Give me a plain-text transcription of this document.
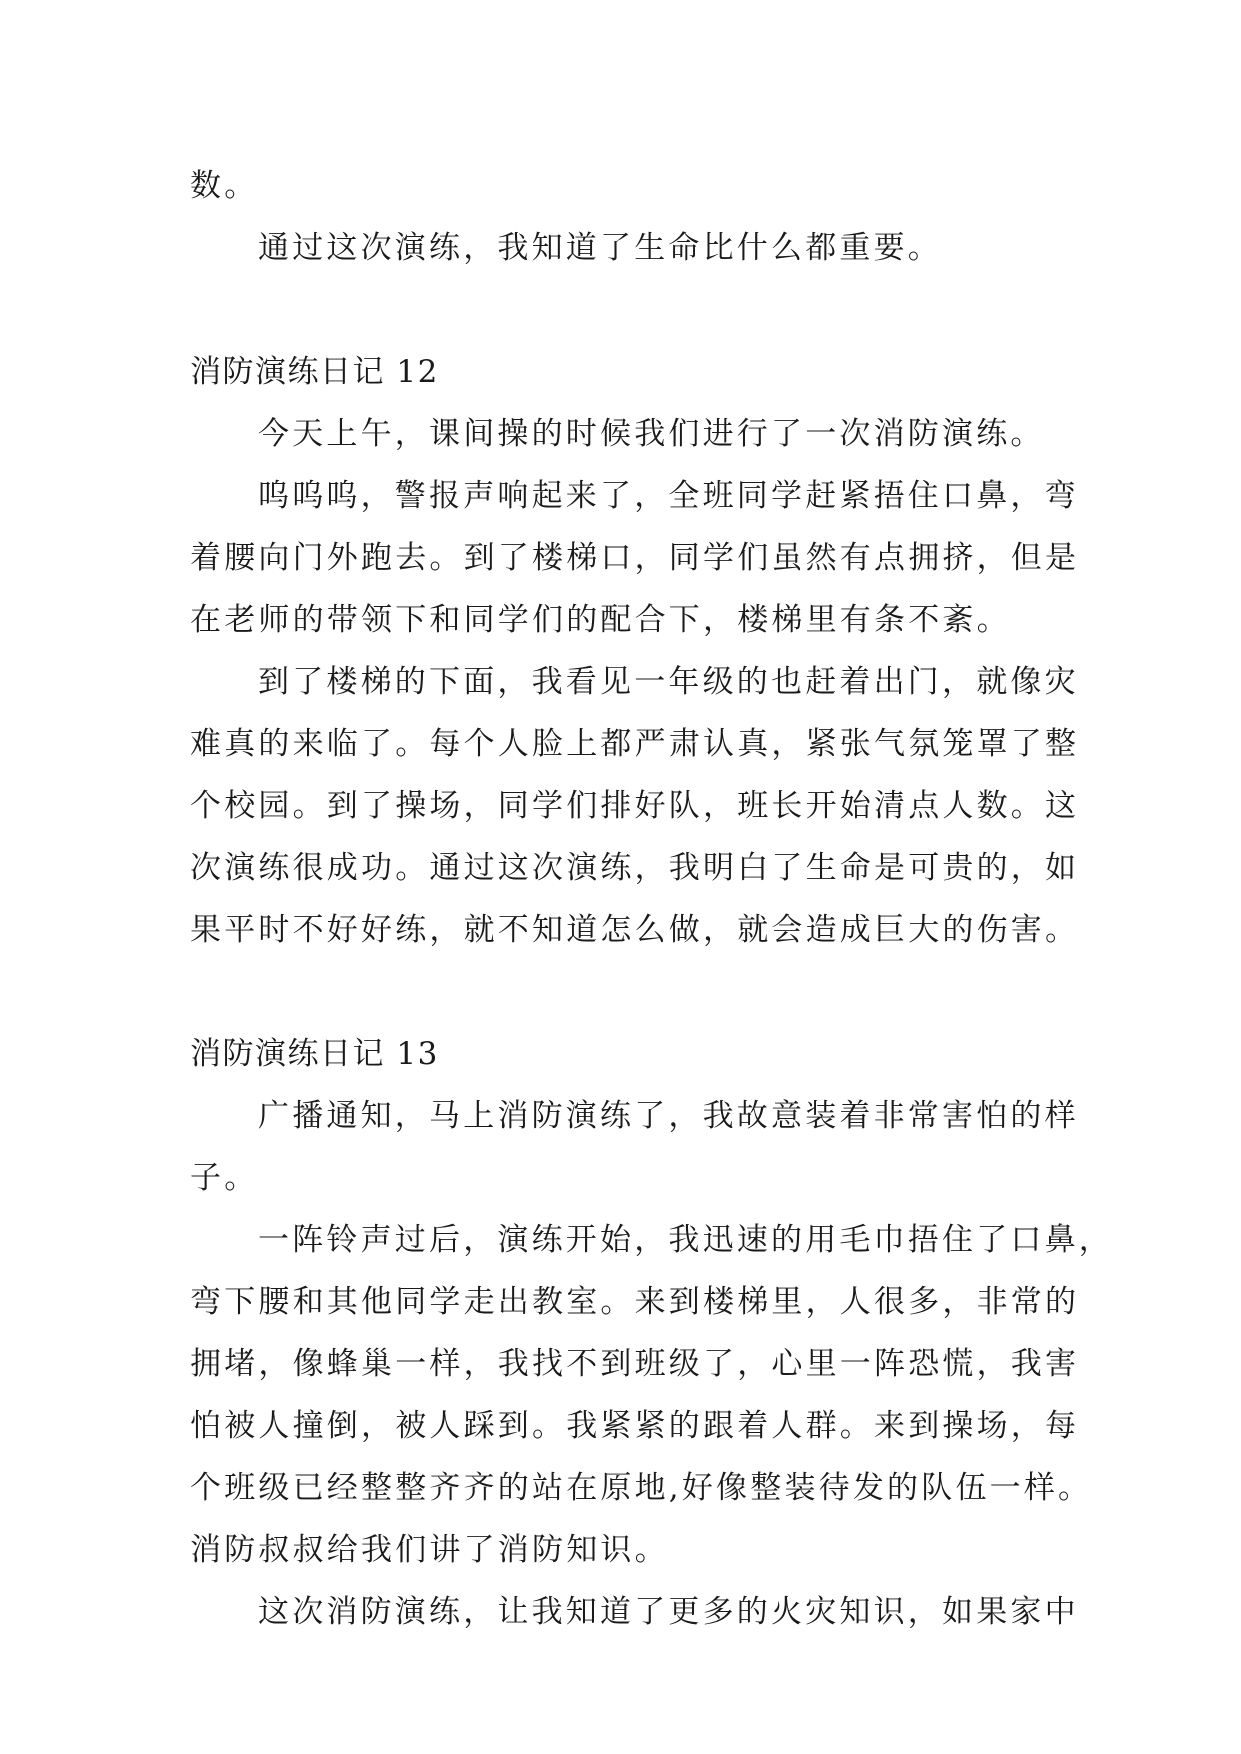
数。

通过这次演练，我知道了生命比什么都重要。

消防演练日记 12

今天上午，课间操的时候我们进行了一次消防演练。

呜呜呜，警报声响起来了，全班同学赶紧捂住口鼻，弯

着腰向门外跑去。到了楼梯口，同学们虽然有点拥挤，但是

在老师的带领下和同学们的配合下，楼梯里有条不紊。

到了楼梯的下面，我看见一年级的也赶着出门，就像灾

难真的来临了。每个人脸上都严肃认真，紧张气氛笼罩了整

个校园。到了操场，同学们排好队，班长开始清点人数。这

次演练很成功。通过这次演练，我明白了生命是可贵的，如

果平时不好好练，就不知道怎么做，就会造成巨大的伤害。

消防演练日记 13

广播通知，马上消防演练了，我故意装着非常害怕的样

子。

一阵铃声过后，演练开始，我迅速的用毛巾捂住了口鼻，

弯下腰和其他同学走出教室。来到楼梯里，人很多，非常的

拥堵，像蜂巢一样，我找不到班级了，心里一阵恐慌，我害

怕被人撞倒，被人踩到。我紧紧的跟着人群。来到操场，每

个班级已经整整齐齐的站在原地,好像整装待发的队伍一样。

消防叔叔给我们讲了消防知识。

这次消防演练，让我知道了更多的火灾知识，如果家中
